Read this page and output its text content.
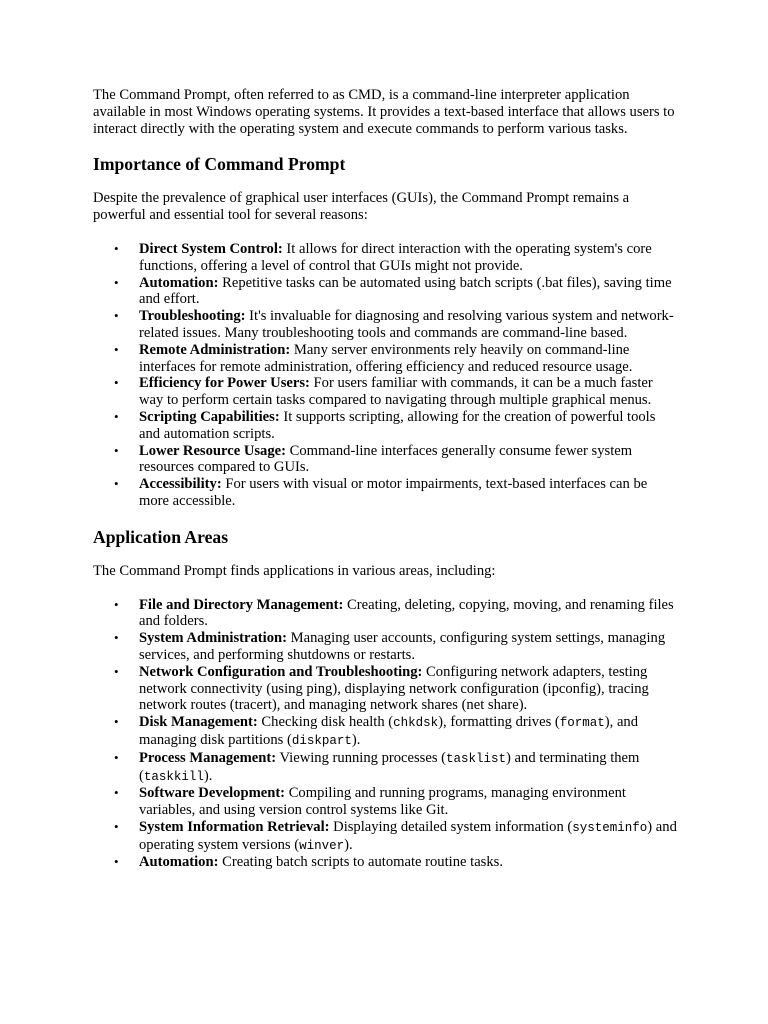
The Command Prompt, often referred to as CMD, is a command-line interpreter application available in most Windows operating systems. It provides a text-based interface that allows users to interact directly with the operating system and execute commands to perform various tasks.

Importance of Command Prompt

Despite the prevalence of graphical user interfaces (GUIs), the Command Prompt remains a powerful and essential tool for several reasons:

• Direct System Control: It allows for direct interaction with the operating system's core functions, offering a level of control that GUIs might not provide.
• Automation: Repetitive tasks can be automated using batch scripts (.bat files), saving time and effort.
• Troubleshooting: It's invaluable for diagnosing and resolving various system and network-related issues. Many troubleshooting tools and commands are command-line based.
• Remote Administration: Many server environments rely heavily on command-line interfaces for remote administration, offering efficiency and reduced resource usage.
• Efficiency for Power Users: For users familiar with commands, it can be a much faster way to perform certain tasks compared to navigating through multiple graphical menus.
• Scripting Capabilities: It supports scripting, allowing for the creation of powerful tools and automation scripts.
• Lower Resource Usage: Command-line interfaces generally consume fewer system resources compared to GUIs.
• Accessibility: For users with visual or motor impairments, text-based interfaces can be more accessible.
Application Areas

The Command Prompt finds applications in various areas, including:

• File and Directory Management: Creating, deleting, copying, moving, and renaming files and folders.
• System Administration: Managing user accounts, configuring system settings, managing services, and performing shutdowns or restarts.
• Network Configuration and Troubleshooting: Configuring network adapters, testing network connectivity (using ping), displaying network configuration (ipconfig), tracing network routes (tracert), and managing network shares (net share).
• Disk Management: Checking disk health (chkdsk), formatting drives (format), and managing disk partitions (diskpart).
• Process Management: Viewing running processes (tasklist) and terminating them (taskkill).
• Software Development: Compiling and running programs, managing environment variables, and using version control systems like Git.
• System Information Retrieval: Displaying detailed system information (systeminfo) and operating system versions (winver).
• Automation: Creating batch scripts to automate routine tasks.
